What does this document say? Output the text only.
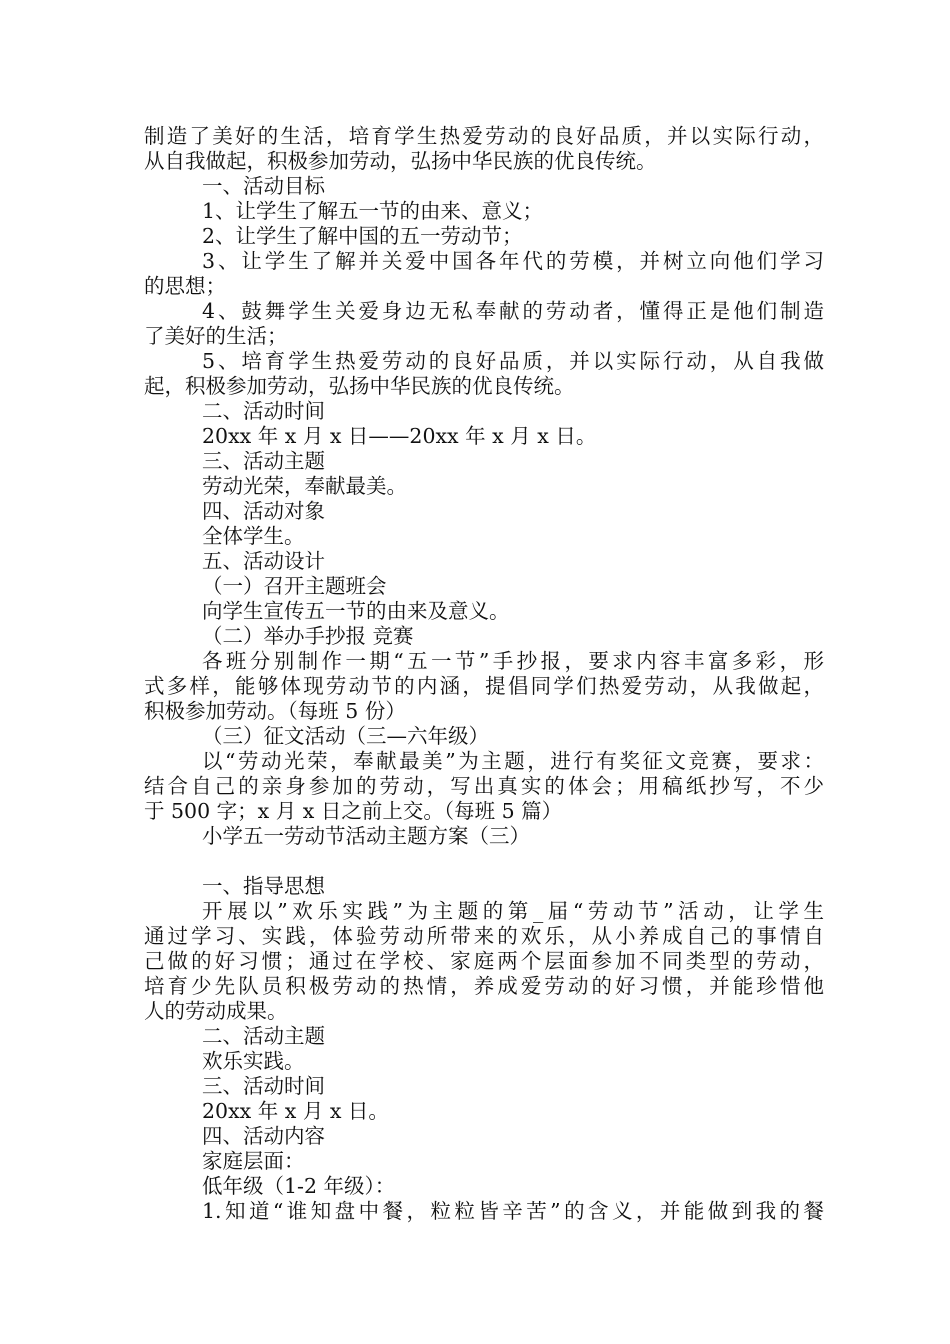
制造了美好的生活，培育学生热爱劳动的良好品质，并以实际行动，
从自我做起，积极参加劳动，弘扬中华民族的优良传统。
一、活动目标
1、让学生了解五一节的由来、意义；
2、让学生了解中国的五一劳动节；
3、让学生了解并关爱中国各年代的劳模，并树立向他们学习
的思想；
4、鼓舞学生关爱身边无私奉献的劳动者，懂得正是他们制造
了美好的生活；
5、培育学生热爱劳动的良好品质，并以实际行动，从自我做
起，积极参加劳动，弘扬中华民族的优良传统。
二、活动时间
20xx 年 x 月 x 日——20xx 年 x 月 x 日。
三、活动主题
劳动光荣，奉献最美。
四、活动对象
全体学生。
五、活动设计
（一）召开主题班会
向学生宣传五一节的由来及意义。
（二）举办手抄报 竞赛
各班分别制作一期“五一节”手抄报，要求内容丰富多彩，形
式多样，能够体现劳动节的内涵，提倡同学们热爱劳动，从我做起，
积极参加劳动。（每班 5 份）
（三）征文活动（三—六年级）
以“劳动光荣，奉献最美”为主题，进行有奖征文竞赛，要求：
结合自己的亲身参加的劳动，写出真实的体会；用稿纸抄写，不少
于 500 字；x 月 x 日之前上交。（每班 5 篇）
小学五一劳动节活动主题方案（三）
一、指导思想
开展以”欢乐实践”为主题的第_届“劳动节”活动，让学生
通过学习、实践，体验劳动所带来的欢乐，从小养成自己的事情自
己做的好习惯；通过在学校、家庭两个层面参加不同类型的劳动，
培育少先队员积极劳动的热情，养成爱劳动的好习惯，并能珍惜他
人的劳动成果。
二、活动主题
欢乐实践。
三、活动时间
20xx 年 x 月 x 日。
四、活动内容
家庭层面：
低年级（1-2 年级）：
1.知道“谁知盘中餐，粒粒皆辛苦”的含义，并能做到我的餐
